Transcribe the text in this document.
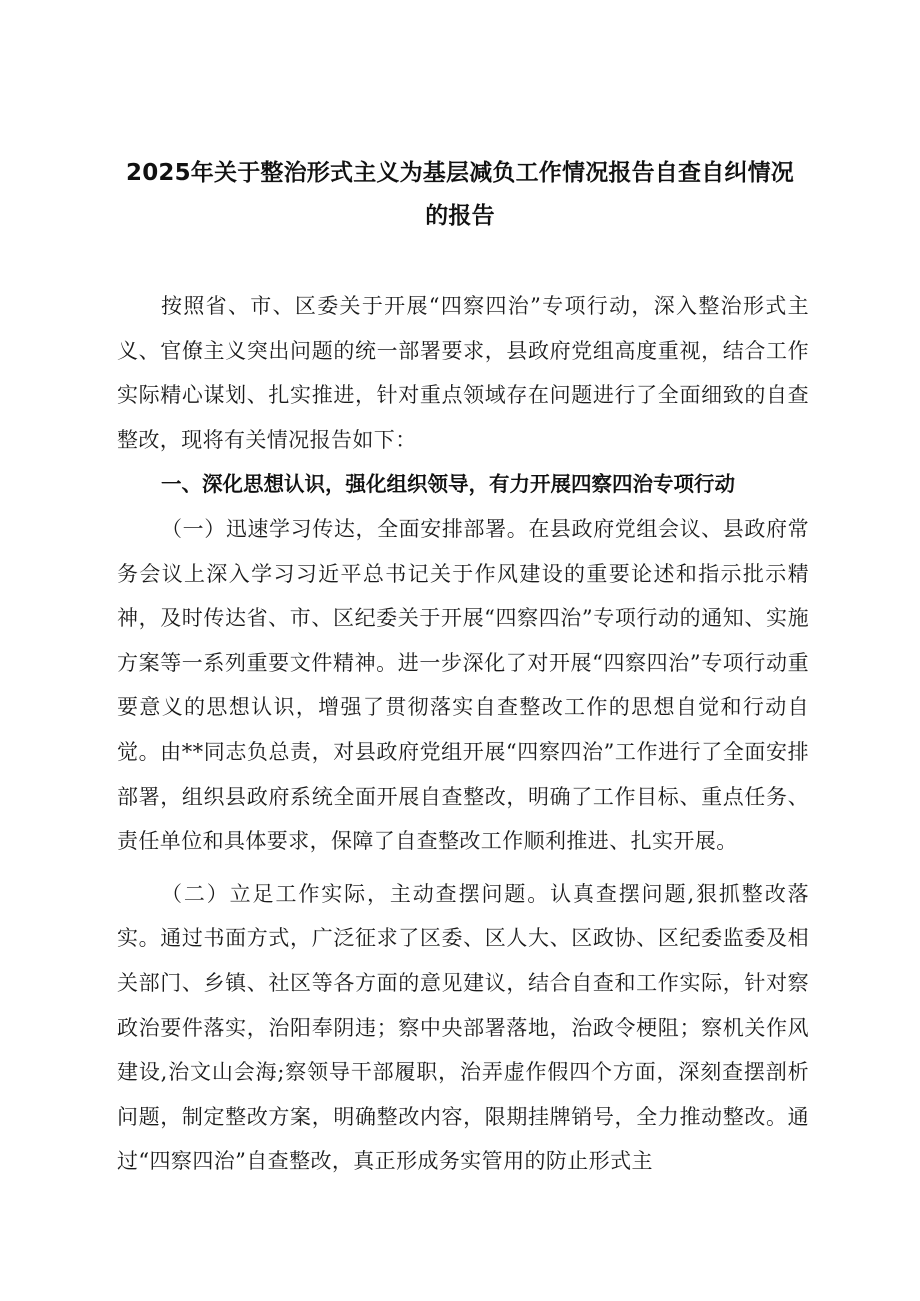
2025年关于整治形式主义为基层减负工作情况报告自查自纠情况
的报告

按照省、市、区委关于开展“四察四治”专项行动，深入整治形式主义、官僚主义突出问题的统一部署要求，县政府党组高度重视，结合工作实际精心谋划、扎实推进，针对重点领域存在问题进行了全面细致的自查整改，现将有关情况报告如下：

一、深化思想认识，强化组织领导，有力开展四察四治专项行动

（一）迅速学习传达，全面安排部署。在县政府党组会议、县政府常务会议上深入学习习近平总书记关于作风建设的重要论述和指示批示精神，及时传达省、市、区纪委关于开展“四察四治”专项行动的通知、实施方案等一系列重要文件精神。进一步深化了对开展“四察四治”专项行动重要意义的思想认识，增强了贯彻落实自查整改工作的思想自觉和行动自觉。由**同志负总责，对县政府党组开展“四察四治”工作进行了全面安排部署，组织县政府系统全面开展自查整改，明确了工作目标、重点任务、责任单位和具体要求，保障了自查整改工作顺利推进、扎实开展。

（二）立足工作实际，主动查摆问题。认真查摆问题,狠抓整改落实。通过书面方式，广泛征求了区委、区人大、区政协、区纪委监委及相关部门、乡镇、社区等各方面的意见建议，结合自查和工作实际，针对察政治要件落实，治阳奉阴违；察中央部署落地，治政令梗阻；察机关作风建设,治文山会海;察领导干部履职，治弄虚作假四个方面，深刻查摆剖析问题，制定整改方案，明确整改内容，限期挂牌销号，全力推动整改。通过“四察四治”自查整改，真正形成务实管用的防止形式主
